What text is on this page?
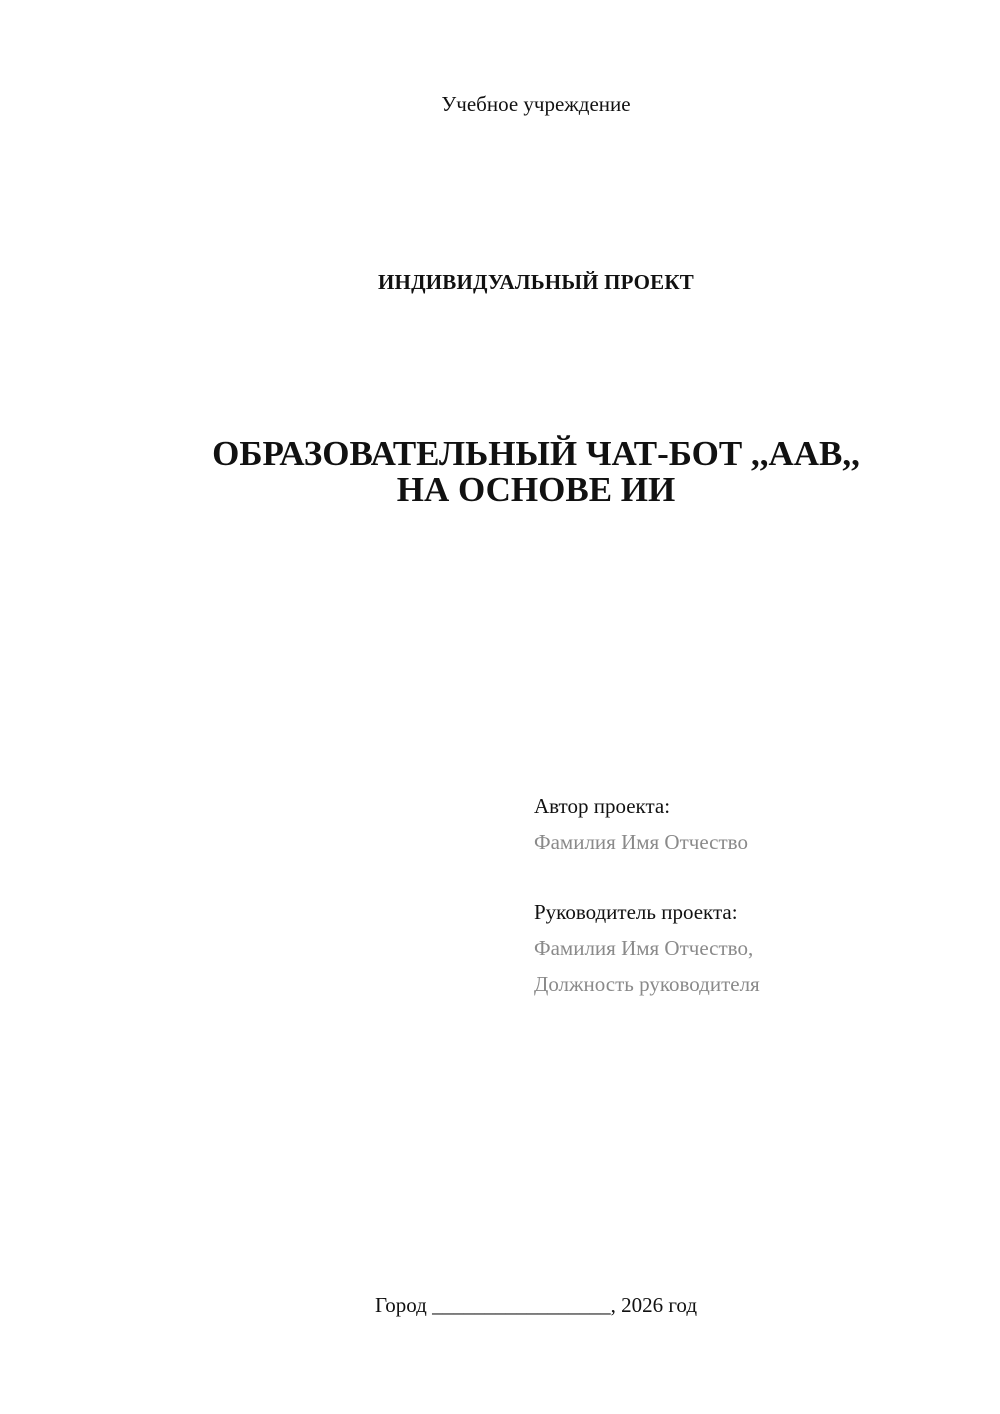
Учебное учреждение
ИНДИВИДУАЛЬНЫЙ ПРОЕКТ
ОБРАЗОВАТЕЛЬНЫЙ ЧАТ-БОТ ,,ААВ,,
НА ОСНОВЕ ИИ
Автор проекта:
Фамилия Имя Отчество
Руководитель проекта:
Фамилия Имя Отчество,
Должность руководителя
Город _________________, 2026 год
